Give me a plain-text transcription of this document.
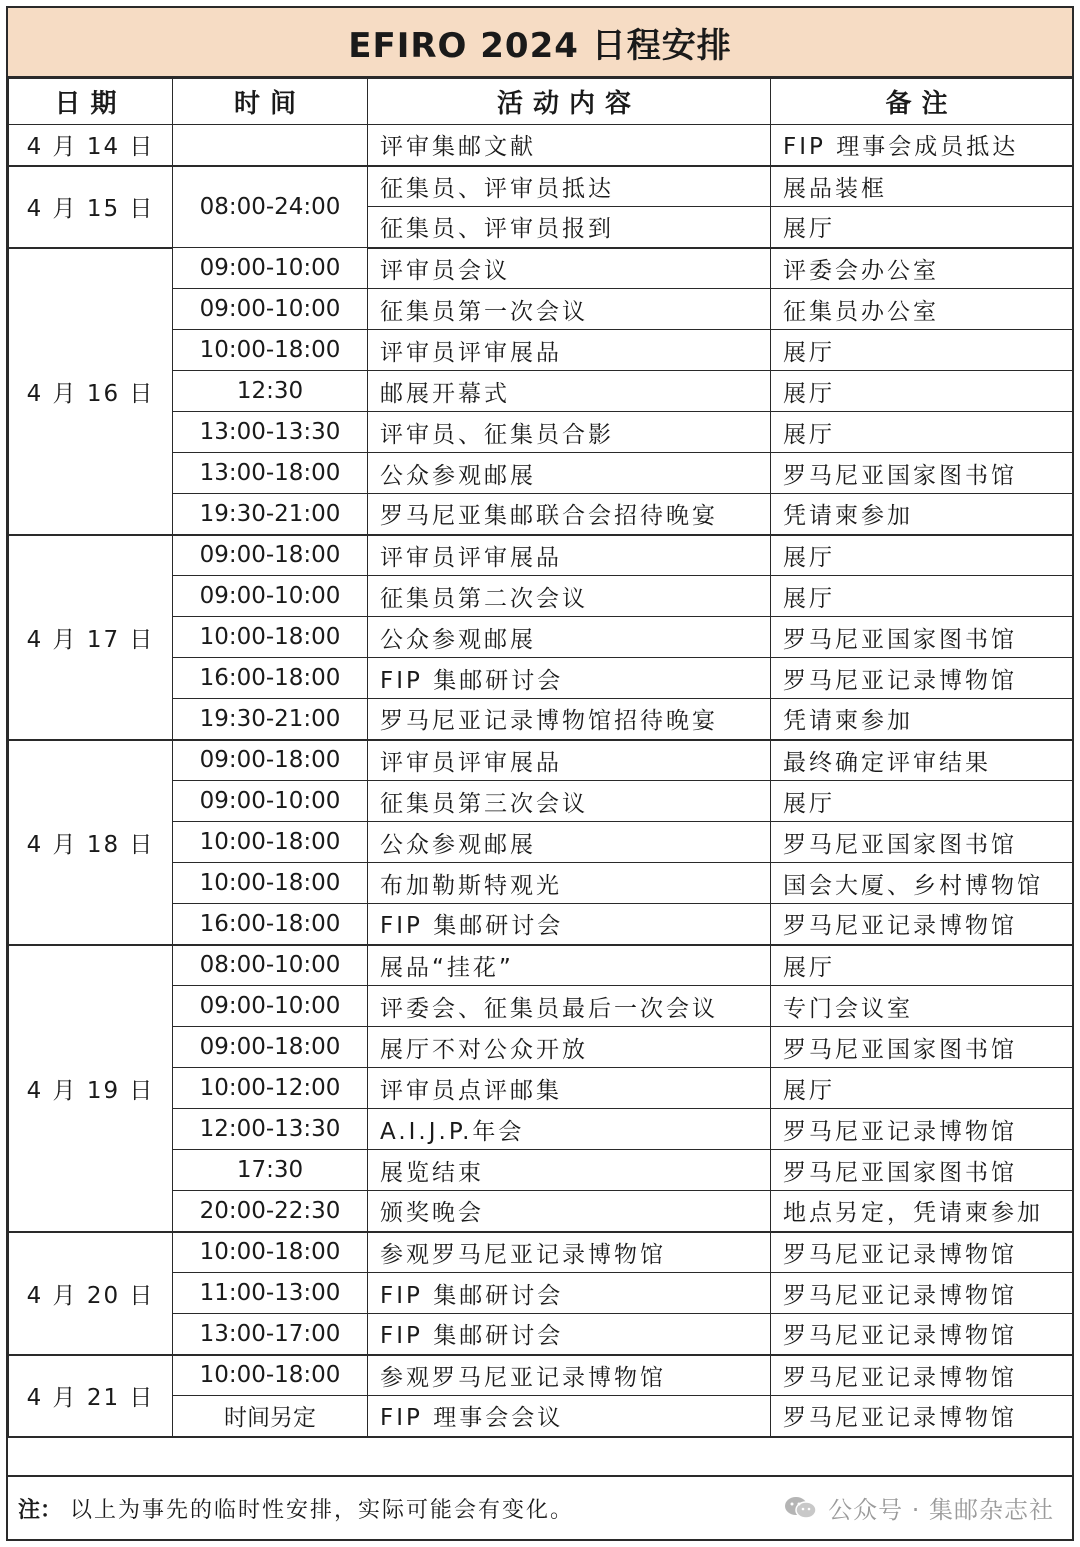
EFIRO 2024 日程安排
日期	时间	活动内容	备注
4 月 14 日		评审集邮文献	FIP 理事会成员抵达
4 月 15 日	08:00-24:00	征集员、评审员抵达	展品装框
		征集员、评审员报到	展厅
4 月 16 日	09:00-10:00	评审员会议	评委会办公室
	09:00-10:00	征集员第一次会议	征集员办公室
	10:00-18:00	评审员评审展品	展厅
	12:30	邮展开幕式	展厅
	13:00-13:30	评审员、征集员合影	展厅
	13:00-18:00	公众参观邮展	罗马尼亚国家图书馆
	19:30-21:00	罗马尼亚集邮联合会招待晚宴	凭请柬参加
4 月 17 日	09:00-18:00	评审员评审展品	展厅
	09:00-10:00	征集员第二次会议	展厅
	10:00-18:00	公众参观邮展	罗马尼亚国家图书馆
	16:00-18:00	FIP 集邮研讨会	罗马尼亚记录博物馆
	19:30-21:00	罗马尼亚记录博物馆招待晚宴	凭请柬参加
4 月 18 日	09:00-18:00	评审员评审展品	最终确定评审结果
	09:00-10:00	征集员第三次会议	展厅
	10:00-18:00	公众参观邮展	罗马尼亚国家图书馆
	10:00-18:00	布加勒斯特观光	国会大厦、乡村博物馆
	16:00-18:00	FIP 集邮研讨会	罗马尼亚记录博物馆
4 月 19 日	08:00-10:00	展品“挂花”	展厅
	09:00-10:00	评委会、征集员最后一次会议	专门会议室
	09:00-18:00	展厅不对公众开放	罗马尼亚国家图书馆
	10:00-12:00	评审员点评邮集	展厅
	12:00-13:30	A.I.J.P.年会	罗马尼亚记录博物馆
	17:30	展览结束	罗马尼亚国家图书馆
	20:00-22:30	颁奖晚会	地点另定，凭请柬参加
4 月 20 日	10:00-18:00	参观罗马尼亚记录博物馆	罗马尼亚记录博物馆
	11:00-13:00	FIP 集邮研讨会	罗马尼亚记录博物馆
	13:00-17:00	FIP 集邮研讨会	罗马尼亚记录博物馆
4 月 21 日	10:00-18:00	参观罗马尼亚记录博物馆	罗马尼亚记录博物馆
	时间另定	FIP 理事会会议	罗马尼亚记录博物馆
注： 以上为事先的临时性安排，实际可能会有变化。	公众号 · 集邮杂志社
